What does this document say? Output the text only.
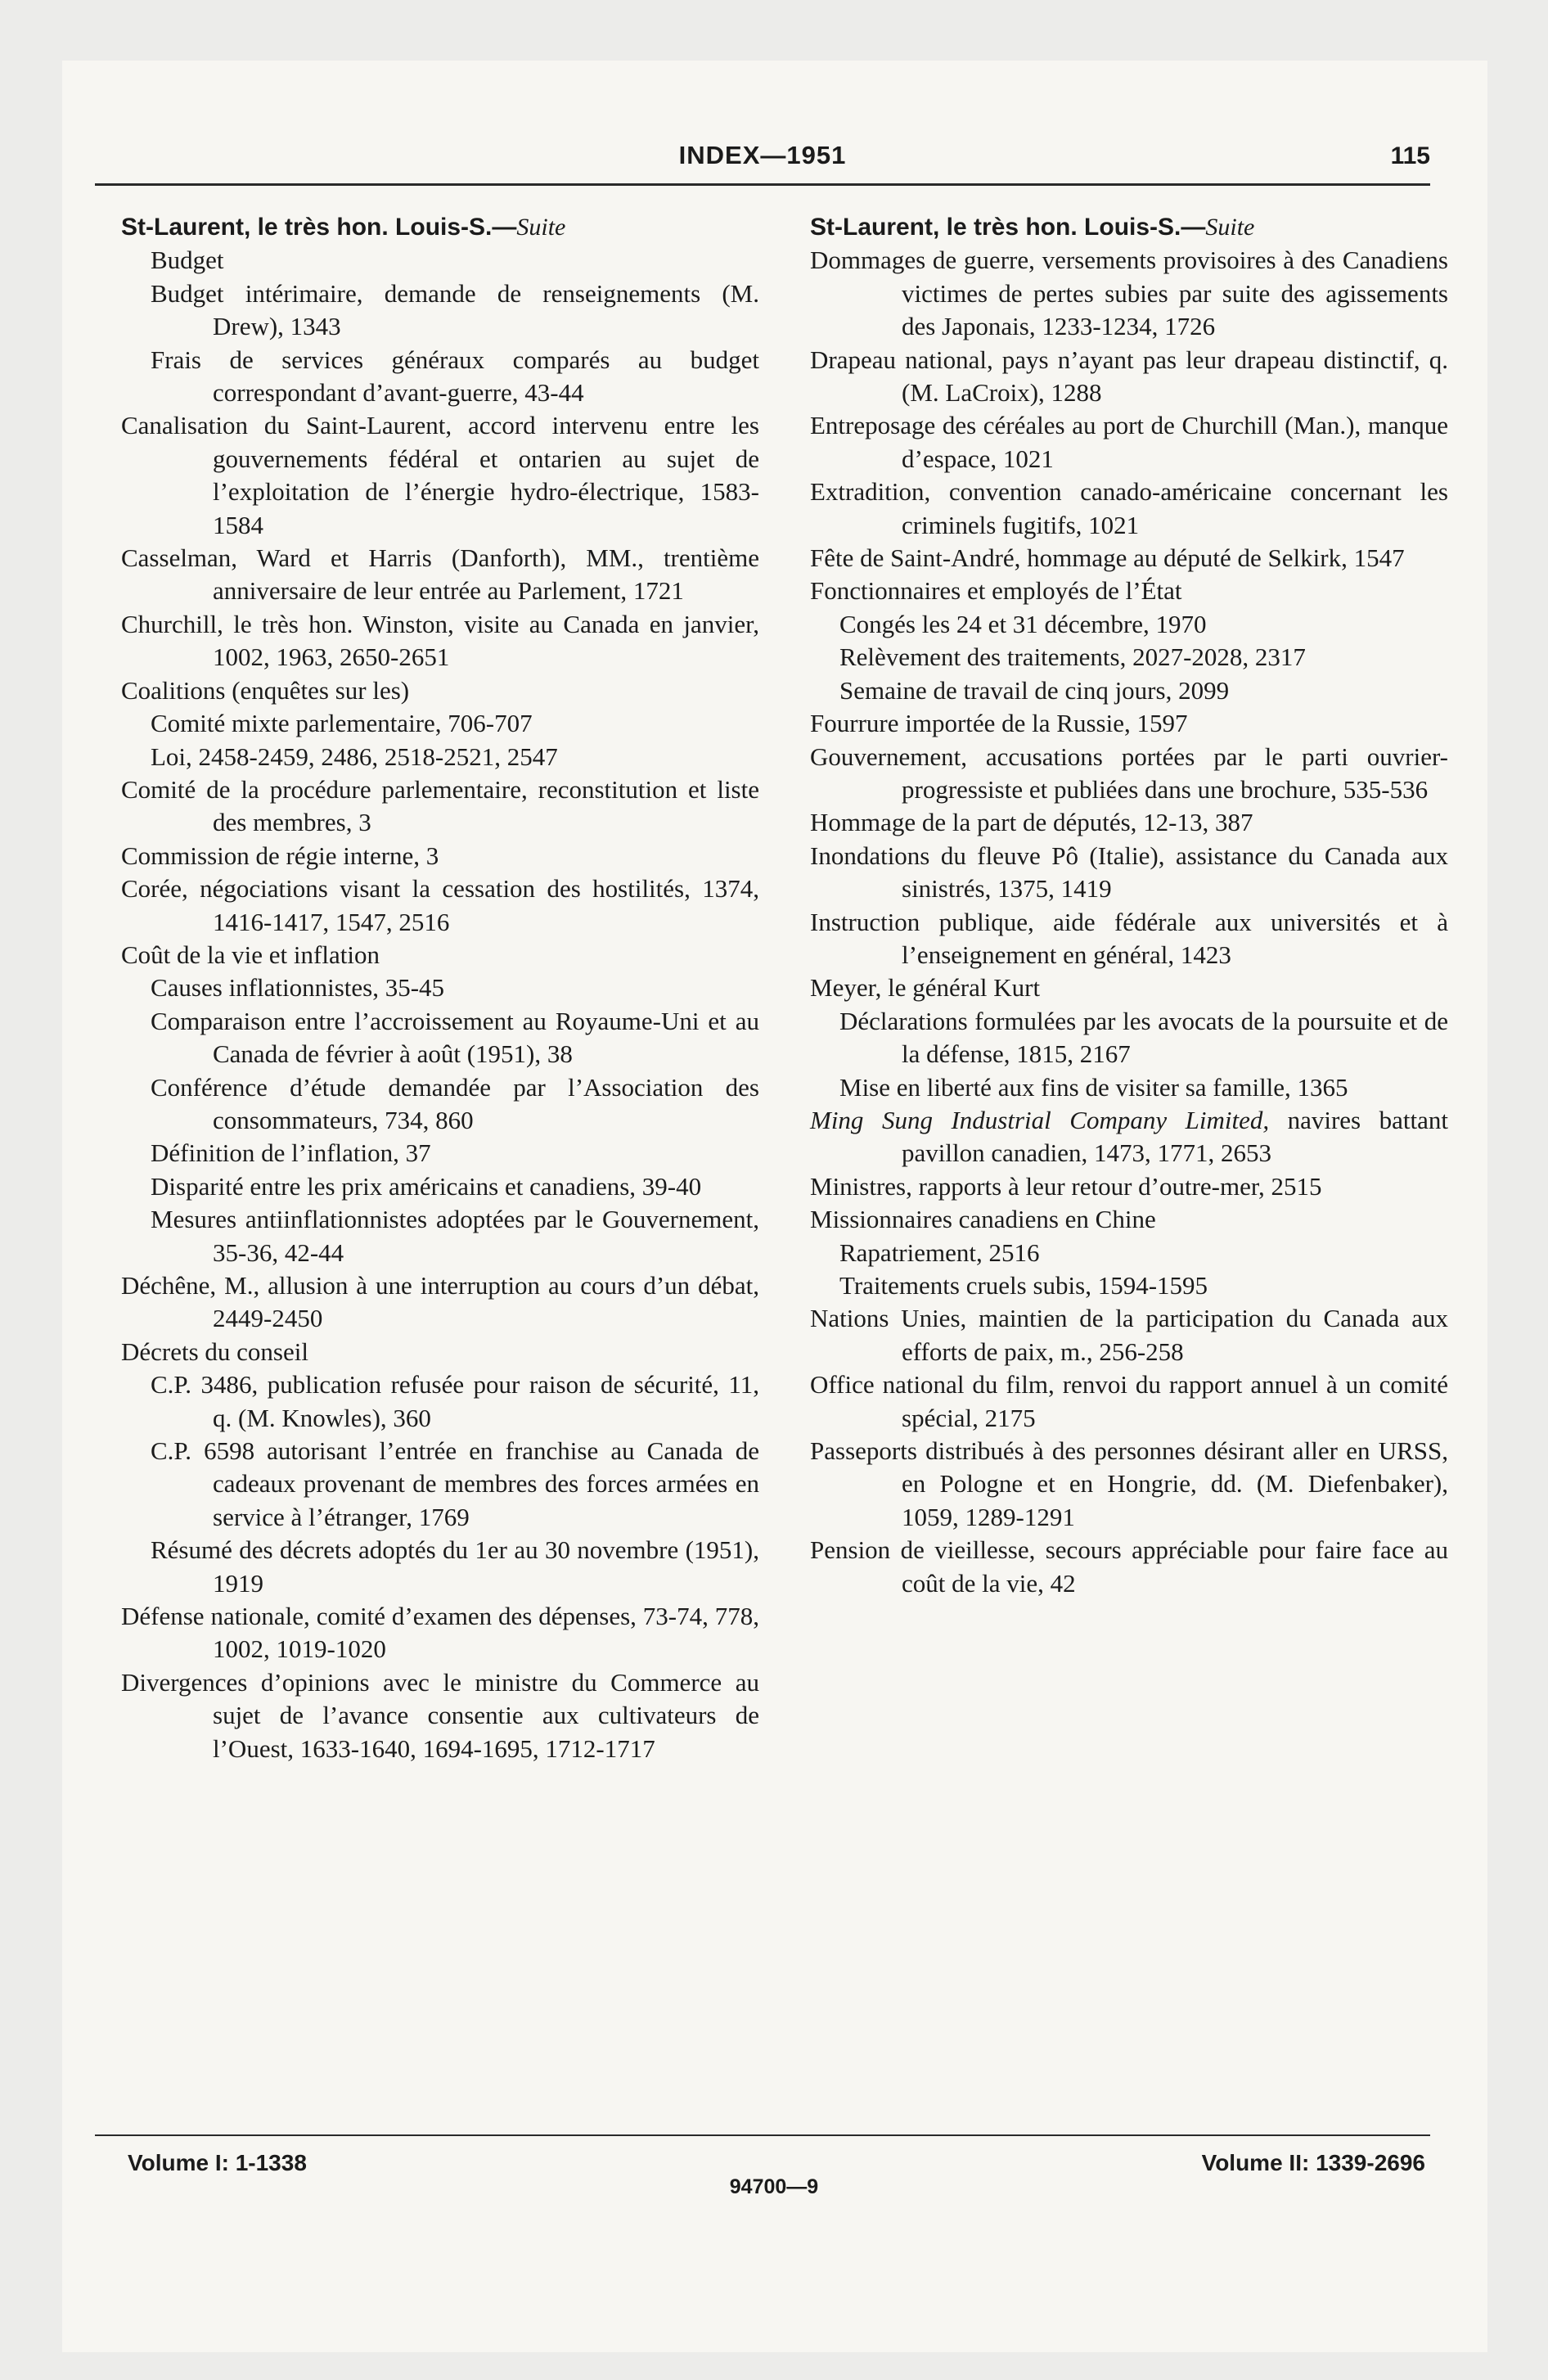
INDEX—1951	115
St-Laurent, le très hon. Louis-S.—Suite
Budget
Budget intérimaire, demande de renseignements (M. Drew), 1343
Frais de services généraux comparés au budget correspondant d’avant-guerre, 43-44
Canalisation du Saint-Laurent, accord intervenu entre les gouvernements fédéral et ontarien au sujet de l’exploitation de l’énergie hydro-électrique, 1583-1584
Casselman, Ward et Harris (Danforth), MM., trentième anniversaire de leur entrée au Parlement, 1721
Churchill, le très hon. Winston, visite au Canada en janvier, 1002, 1963, 2650-2651
Coalitions (enquêtes sur les)
Comité mixte parlementaire, 706-707
Loi, 2458-2459, 2486, 2518-2521, 2547
Comité de la procédure parlementaire, reconstitution et liste des membres, 3
Commission de régie interne, 3
Corée, négociations visant la cessation des hostilités, 1374, 1416-1417, 1547, 2516
Coût de la vie et inflation
Causes inflationnistes, 35-45
Comparaison entre l’accroissement au Royaume-Uni et au Canada de février à août (1951), 38
Conférence d’étude demandée par l’Association des consommateurs, 734, 860
Définition de l’inflation, 37
Disparité entre les prix américains et canadiens, 39-40
Mesures antiinflationnistes adoptées par le Gouvernement, 35-36, 42-44
Déchêne, M., allusion à une interruption au cours d’un débat, 2449-2450
Décrets du conseil
C.P. 3486, publication refusée pour raison de sécurité, 11, q. (M. Knowles), 360
C.P. 6598 autorisant l’entrée en franchise au Canada de cadeaux provenant de membres des forces armées en service à l’étranger, 1769
Résumé des décrets adoptés du 1er au 30 novembre (1951), 1919
Défense nationale, comité d’examen des dépenses, 73-74, 778, 1002, 1019-1020
Divergences d’opinions avec le ministre du Commerce au sujet de l’avance consentie aux cultivateurs de l’Ouest, 1633-1640, 1694-1695, 1712-1717
St-Laurent, le très hon. Louis-S.—Suite
Dommages de guerre, versements provisoires à des Canadiens victimes de pertes subies par suite des agissements des Japonais, 1233-1234, 1726
Drapeau national, pays n’ayant pas leur drapeau distinctif, q. (M. LaCroix), 1288
Entreposage des céréales au port de Churchill (Man.), manque d’espace, 1021
Extradition, convention canado-américaine concernant les criminels fugitifs, 1021
Fête de Saint-André, hommage au député de Selkirk, 1547
Fonctionnaires et employés de l’État
Congés les 24 et 31 décembre, 1970
Relèvement des traitements, 2027-2028, 2317
Semaine de travail de cinq jours, 2099
Fourrure importée de la Russie, 1597
Gouvernement, accusations portées par le parti ouvrier-progressiste et publiées dans une brochure, 535-536
Hommage de la part de députés, 12-13, 387
Inondations du fleuve Pô (Italie), assistance du Canada aux sinistrés, 1375, 1419
Instruction publique, aide fédérale aux universités et à l’enseignement en général, 1423
Meyer, le général Kurt
Déclarations formulées par les avocats de la poursuite et de la défense, 1815, 2167
Mise en liberté aux fins de visiter sa famille, 1365
Ming Sung Industrial Company Limited, navires battant pavillon canadien, 1473, 1771, 2653
Ministres, rapports à leur retour d’outre-mer, 2515
Missionnaires canadiens en Chine
Rapatriement, 2516
Traitements cruels subis, 1594-1595
Nations Unies, maintien de la participation du Canada aux efforts de paix, m., 256-258
Office national du film, renvoi du rapport annuel à un comité spécial, 2175
Passeports distribués à des personnes désirant aller en URSS, en Pologne et en Hongrie, dd. (M. Diefenbaker), 1059, 1289-1291
Pension de vieillesse, secours appréciable pour faire face au coût de la vie, 42
Volume I: 1-1338
94700—9
Volume II: 1339-2696
